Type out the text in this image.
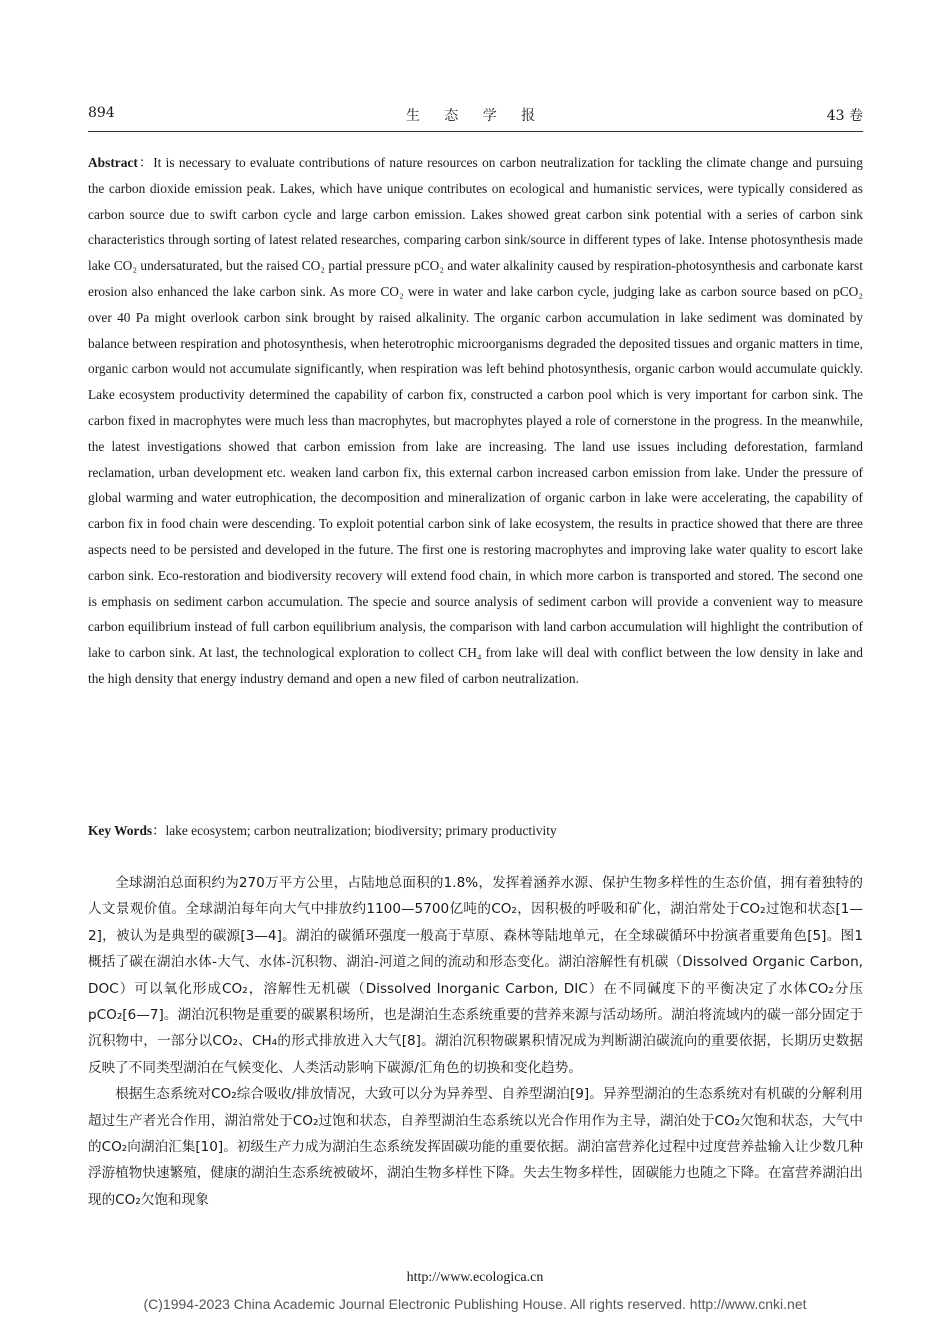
894	生 态 学 报	43 卷
Abstract：It is necessary to evaluate contributions of nature resources on carbon neutralization for tackling the climate change and pursuing the carbon dioxide emission peak. Lakes, which have unique contributes on ecological and humanistic services, were typically considered as carbon source due to swift carbon cycle and large carbon emission. Lakes showed great carbon sink potential with a series of carbon sink characteristics through sorting of latest related researches, comparing carbon sink/source in different types of lake. Intense photosynthesis made lake CO₂ undersaturated, but the raised CO₂ partial pressure pCO₂ and water alkalinity caused by respiration-photosynthesis and carbonate karst erosion also enhanced the lake carbon sink. As more CO₂ were in water and lake carbon cycle, judging lake as carbon source based on pCO₂ over 40 Pa might overlook carbon sink brought by raised alkalinity. The organic carbon accumulation in lake sediment was dominated by balance between respiration and photosynthesis, when heterotrophic microorganisms degraded the deposited tissues and organic matters in time, organic carbon would not accumulate significantly, when respiration was left behind photosynthesis, organic carbon would accumulate quickly. Lake ecosystem productivity determined the capability of carbon fix, constructed a carbon pool which is very important for carbon sink. The carbon fixed in macrophytes were much less than macrophytes, but macrophytes played a role of cornerstone in the progress. In the meanwhile, the latest investigations showed that carbon emission from lake are increasing. The land use issues including deforestation, farmland reclamation, urban development etc. weaken land carbon fix, this external carbon increased carbon emission from lake. Under the pressure of global warming and water eutrophication, the decomposition and mineralization of organic carbon in lake were accelerating, the capability of carbon fix in food chain were descending. To exploit potential carbon sink of lake ecosystem, the results in practice showed that there are three aspects need to be persisted and developed in the future. The first one is restoring macrophytes and improving lake water quality to escort lake carbon sink. Eco-restoration and biodiversity recovery will extend food chain, in which more carbon is transported and stored. The second one is emphasis on sediment carbon accumulation. The specie and source analysis of sediment carbon will provide a convenient way to measure carbon equilibrium instead of full carbon equilibrium analysis, the comparison with land carbon accumulation will highlight the contribution of lake to carbon sink. At last, the technological exploration to collect CH₄ from lake will deal with conflict between the low density in lake and the high density that energy industry demand and open a new filed of carbon neutralization.
Key Words：lake ecosystem; carbon neutralization; biodiversity; primary productivity

全球湖泊总面积约为270万平方公里，占陆地总面积的1.8%，发挥着涵养水源、保护生物多样性的生态价值，拥有着独特的人文景观价值。全球湖泊每年向大气中排放约1100—5700亿吨的CO₂，因积极的呼吸和矿化，湖泊常处于CO₂过饱和状态[1—2]，被认为是典型的碳源[3—4]。湖泊的碳循环强度一般高于草原、森林等陆地单元，在全球碳循环中扮演者重要角色[5]。图1概括了碳在湖泊水体-大气、水体-沉积物、湖泊-河道之间的流动和形态变化。湖泊溶解性有机碳（Dissolved Organic Carbon, DOC）可以氧化形成CO₂，溶解性无机碳（Dissolved Inorganic Carbon, DIC）在不同碱度下的平衡决定了水体CO₂分压pCO₂[6—7]。湖泊沉积物是重要的碳累积场所，也是湖泊生态系统重要的营养来源与活动场所。湖泊将流域内的碳一部分固定于沉积物中，一部分以CO₂、CH₄的形式排放进入大气[8]。湖泊沉积物碳累积情况成为判断湖泊碳流向的重要依据，长期历史数据反映了不同类型湖泊在气候变化、人类活动影响下碳源/汇角色的切换和变化趋势。

根据生态系统对CO₂综合吸收/排放情况，大致可以分为异养型、自养型湖泊[9]。异养型湖泊的生态系统对有机碳的分解利用超过生产者光合作用，湖泊常处于CO₂过饱和状态，自养型湖泊生态系统以光合作用作为主导，湖泊处于CO₂欠饱和状态，大气中的CO₂向湖泊汇集[10]。初级生产力成为湖泊生态系统发挥固碳功能的重要依据。湖泊富营养化过程中过度营养盐输入让少数几种浮游植物快速繁殖，健康的湖泊生态系统被破坏，湖泊生物多样性下降。失去生物多样性，固碳能力也随之下降。在富营养湖泊出现的CO₂欠饱和现象

http://www.ecologica.cn
(C)1994-2023 China Academic Journal Electronic Publishing House. All rights reserved. http://www.cnki.net
